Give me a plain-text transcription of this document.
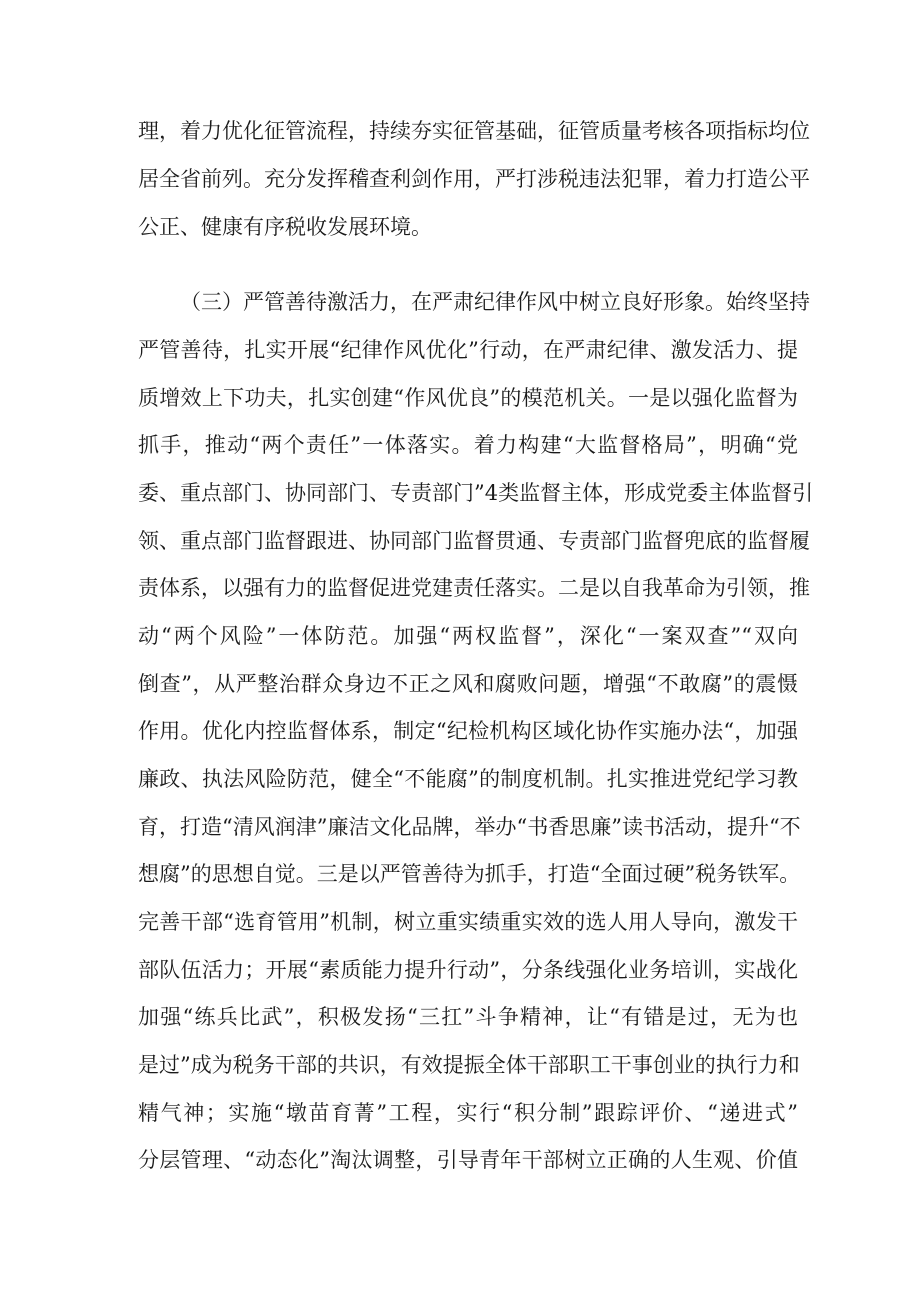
理，着力优化征管流程，持续夯实征管基础，征管质量考核各项指标均位
居全省前列。充分发挥稽查利剑作用，严打涉税违法犯罪，着力打造公平
公正、健康有序税收发展环境。
（三）严管善待激活力，在严肃纪律作风中树立良好形象。始终坚持
严管善待，扎实开展“纪律作风优化”行动，在严肃纪律、激发活力、提
质增效上下功夫，扎实创建“作风优良”的模范机关。一是以强化监督为
抓手，推动“两个责任”一体落实。着力构建“大监督格局”，明确“党
委、重点部门、协同部门、专责部门”4类监督主体，形成党委主体监督引
领、重点部门监督跟进、协同部门监督贯通、专责部门监督兜底的监督履
责体系，以强有力的监督促进党建责任落实。二是以自我革命为引领，推
动“两个风险”一体防范。加强“两权监督”，深化“一案双查”“双向
倒查”，从严整治群众身边不正之风和腐败问题，增强“不敢腐”的震慑
作用。优化内控监督体系，制定“纪检机构区域化协作实施办法“，加强
廉政、执法风险防范，健全“不能腐”的制度机制。扎实推进党纪学习教
育，打造“清风润津”廉洁文化品牌，举办“书香思廉”读书活动，提升“不
想腐”的思想自觉。三是以严管善待为抓手，打造“全面过硬”税务铁军。
完善干部“选育管用”机制，树立重实绩重实效的选人用人导向，激发干
部队伍活力；开展“素质能力提升行动”，分条线强化业务培训，实战化
加强“练兵比武”，积极发扬“三扛”斗争精神，让“有错是过，无为也
是过”成为税务干部的共识，有效提振全体干部职工干事创业的执行力和
精气神；实施“墩苗育菁”工程，实行“积分制”跟踪评价、“递进式”
分层管理、“动态化”淘汰调整，引导青年干部树立正确的人生观、价值
